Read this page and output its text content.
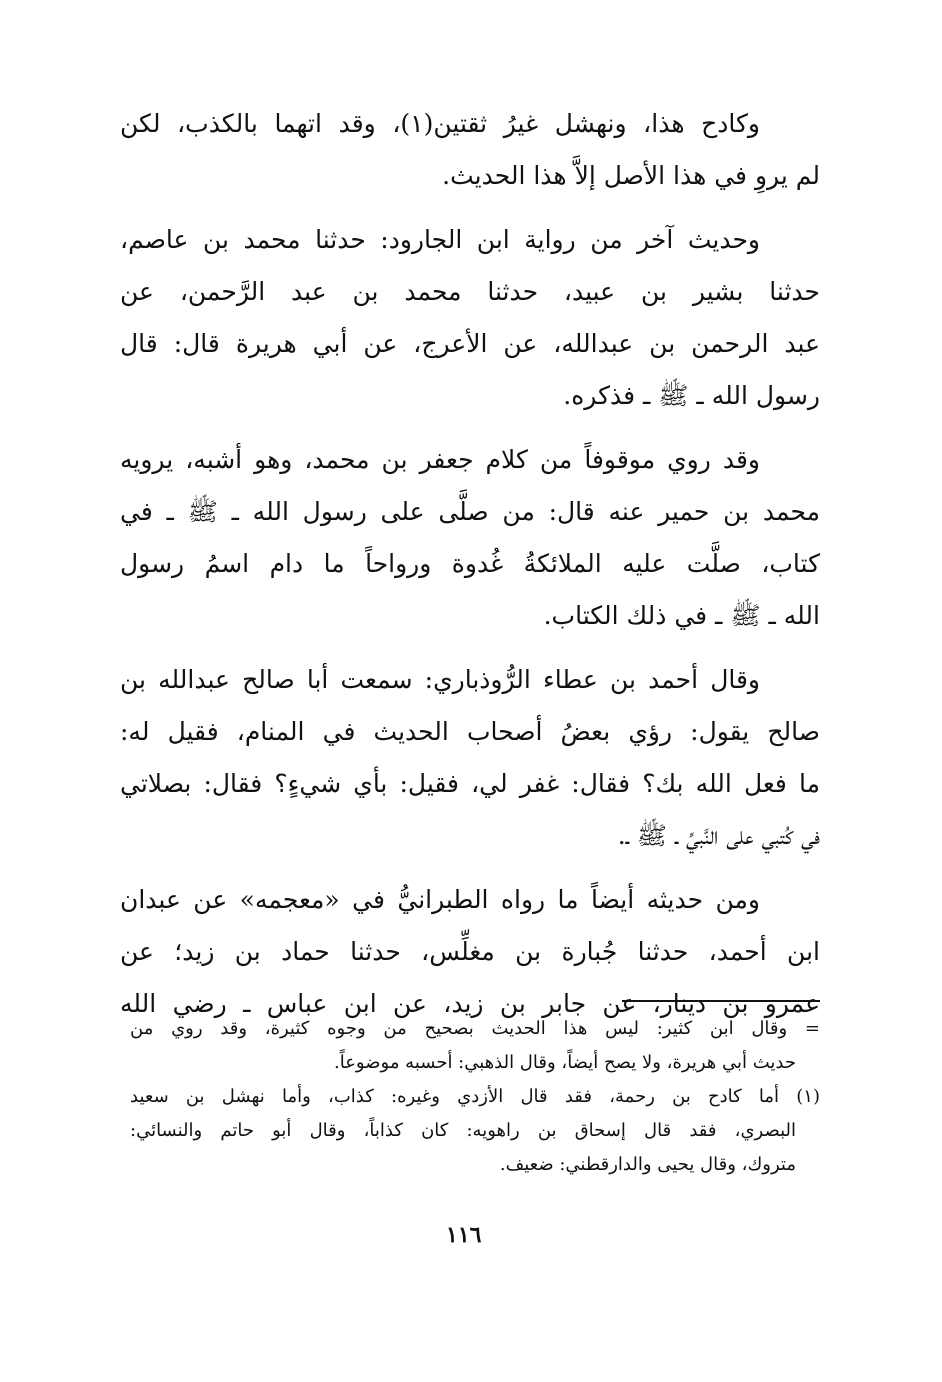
وكادح هذا، ونهشل غيرُ ثقتين(١)، وقد اتهما بالكذب، لكن
لم يروِ في هذا الأصل إلاَّ هذا الحديث.
وحديث آخر من رواية ابن الجارود: حدثنا محمد بن عاصم،
حدثنا بشير بن عبيد، حدثنا محمد بن عبد الرَّحمن، عن
عبد الرحمن بن عبدالله، عن الأعرج، عن أبي هريرة قال: قال
رسول الله ـ ﷺ ـ فذكره.
وقد روي موقوفاً من كلام جعفر بن محمد، وهو أشبه، يرويه
محمد بن حمير عنه قال: من صلَّى على رسول الله ـ ﷺ ـ في
كتاب، صلَّت عليه الملائكةُ غُدوة ورواحاً ما دام اسمُ رسول
الله ـ ﷺ ـ في ذلك الكتاب.
وقال أحمد بن عطاء الرُّوذباري: سمعت أبا صالح عبدالله بن
صالح يقول: رؤي بعضُ أصحاب الحديث في المنام، فقيل له:
ما فعل الله بك؟ فقال: غفر لي، فقيل: بأي شيءٍ؟ فقال: بصلاتي
في كُتبي على النَّبيِّ ـ ﷺ ـ.
ومن حديثه أيضاً ما رواه الطبرانيُّ في «معجمه» عن عبدان
ابن أحمد، حدثنا جُبارة بن مغلِّس، حدثنا حماد بن زيد؛ عن
عمرو بن دينار، عن جابر بن زيد، عن ابن عباس ـ رضي الله
= وقال ابن كثير: ليس هذا الحديث بصحيح من وجوه كثيرة، وقد روي من
حديث أبي هريرة، ولا يصح أيضاً، وقال الذهبي: أحسبه موضوعاً.
(١) أما كادح بن رحمة، فقد قال الأزدي وغيره: كذاب، وأما نهشل بن سعيد
البصري، فقد قال إسحاق بن راهويه: كان كذاباً، وقال أبو حاتم والنسائي:
متروك، وقال يحيى والدارقطني: ضعيف.
١١٦
